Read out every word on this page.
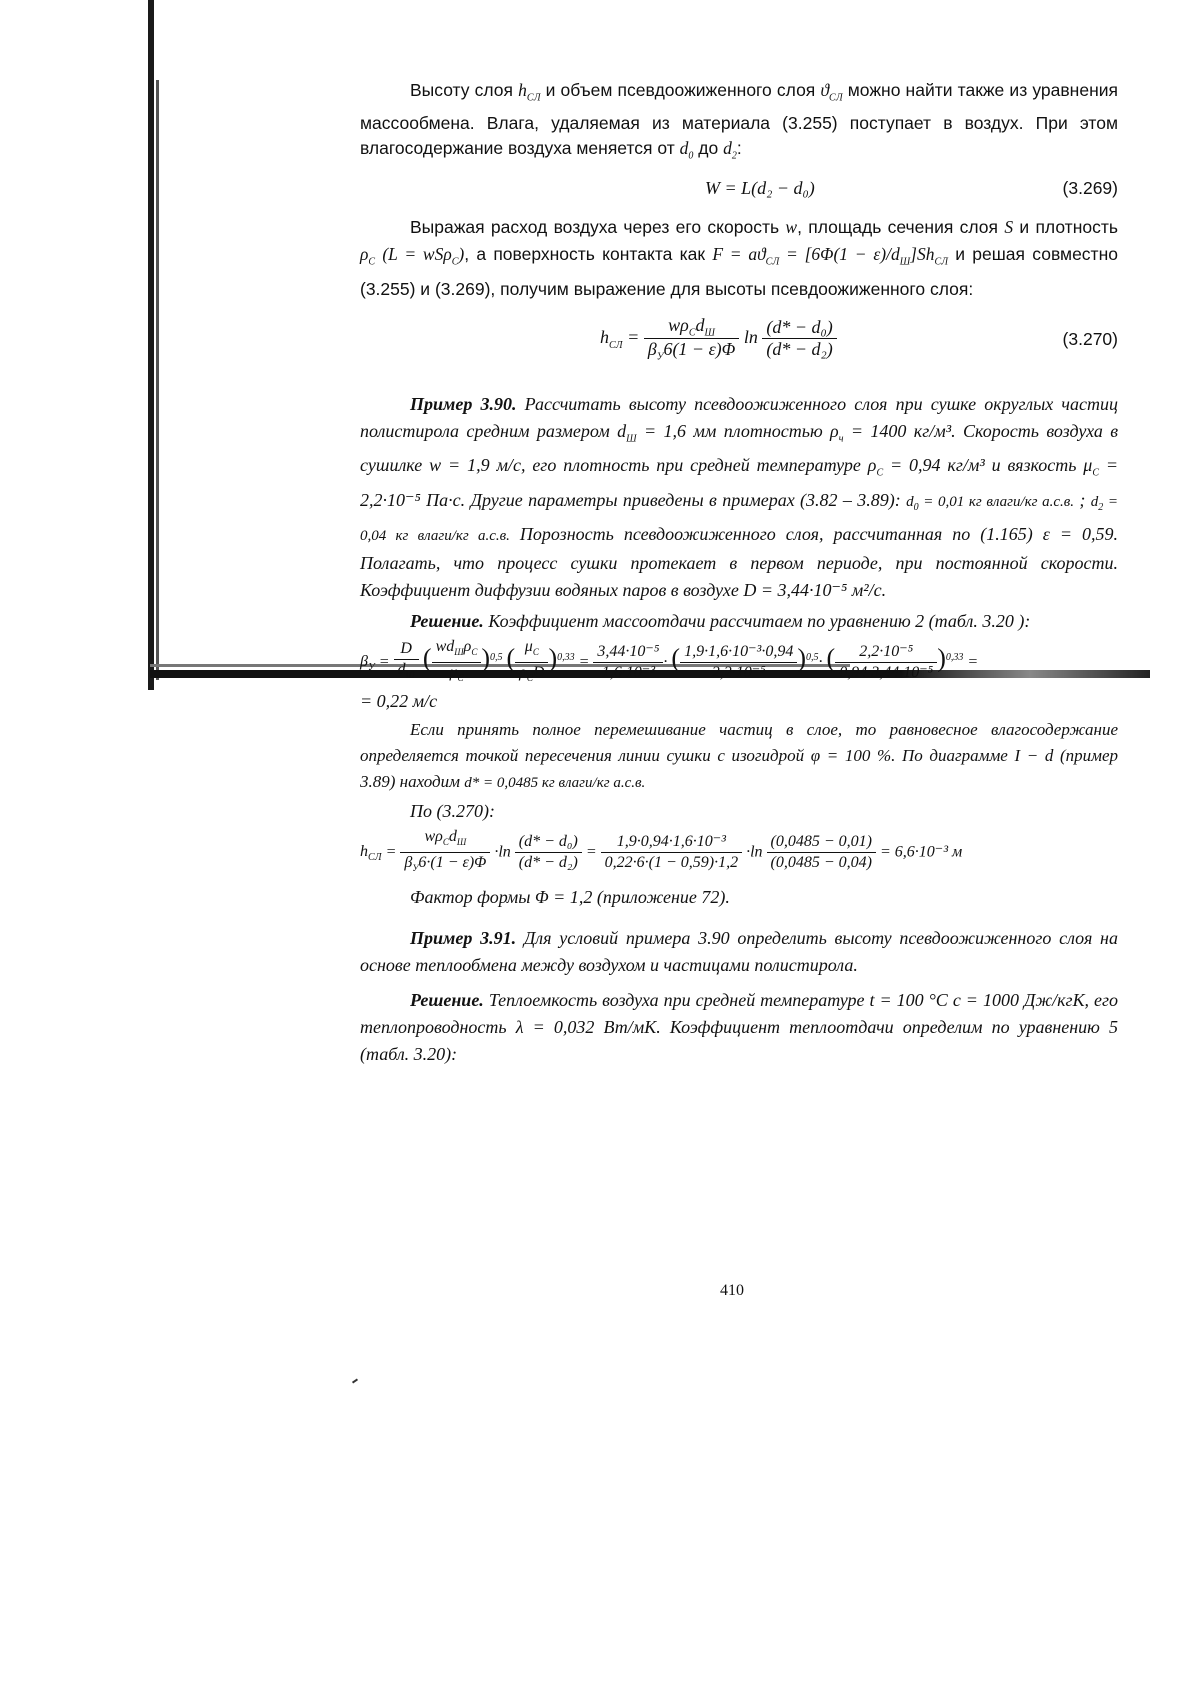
Высоту слоя $h_{СЛ}$ и объем псевдоожиженного слоя $ϑ_{СЛ}$ можно найти также из уравнения массообмена. Влага, удаляемая из материала (3.255) поступает в воздух. При этом влагосодержание воздуха меняется от $d_0$ до $d_2$:

W = L(d₂ − d₀)	(3.269)

Выражая расход воздуха через его скорость w, площадь сечения слоя S и плотность $\rho_C$ (L = wSρ$_C$), а поверхность контакта как $F = aϑ_{СЛ} = [6\Phi(1 - \varepsilon)/d_Ш]Sh_{СЛ}$ и решая совместно (3.255) и (3.269), получим выражение для высоты псевдоожиженного слоя:

$h_{СЛ} = \frac{w\rho_Cd_Ш}{\beta_У6(1 - \varepsilon)\Phi}$ $\ln \frac{\text{(d* − d₀)}}{\text{(d* − d₂)}}$	(3.270)

Пример 3.90. Рассчитать высоту псевдоожиженного слоя при сушке округлых частиц полистирола средним размером $d_Ш = 1,6$ мм плотностью $\rho_ч = 1400$ кг/м³. Скорость воздуха в сушилке w = 1,9 м/с, его плотность при средней температуре $\rho_C = 0,94$ кг/м³ и вязкость $\mu_C = 2,2\cdot 10^{-5}$ Па·с. Другие параметры приведены в примерах (3.82 – 3.89): $d_0 = 0,01$ кг влаги/кг а.с.в. ; $d_2 = 0,04$ кг влаги/кг а.с.в. Порозность псевдоожиженного слоя, рассчитанная по (1.165) ε = 0,59. Полагать, что процесс сушки протекает в первом периоде, при постоянной скорости. Коэффициент диффузии водяных паров в воздухе D = 3,44·10⁻⁵ м²/с.

Решение. Коэффициент массоотдачи рассчитаем по уравнению 2 (табл. 3.20 ):

$\beta_У = \frac{D}{d_Ш}$ ( $\frac{wd_Ш\rho_C}{\mu_C} )^{0,5}$ ( $\frac{\mu_C}{\rho_CD} )^{0,33} = \frac{\text{3,44·10⁻⁵}}{\text{1,6·10⁻³}}$ · ( $\frac{\text{1,9·1,6·10⁻³·0,94}}{\text{2,2·10⁻⁵}} )^{0,5}\cdot$ ( $\frac{\text{2,2·10⁻⁵}}{\text{0,94·3,44·10⁻⁵}} )^{0,33}$ =

= 0,22 м/с

Если принять полное перемешивание частиц в слое, то равновесное влагосодержание определяется точкой пересечения линии сушки с изогидрой φ = 100 %. По диаграмме I − d (пример 3.89) находим d* = 0,0485 кг влаги/кг а.с.в.

По (3.270):

$h_{СЛ} = \frac{w\rho_Cd_Ш}{\beta_У6\cdot(1 - \varepsilon)\Phi} \cdot\ln \frac{\text{(d* − d₀)}}{\text{(d* − d₂)}} = \frac{\text{1,9·0,94·1,6·10⁻³}}{0,22\cdot 6\cdot(1 - 0,59)\cdot 1,2} \cdot\ln \frac{(0,0485 - 0,01)}{(0,0485 - 0,04)} = 6,6\cdot 10^{-3}$ м

Фактор формы Φ = 1,2 (приложение 72).

Пример 3.91. Для условий примера 3.90 определить высоту псевдоожиженного слоя на основе теплообмена между воздухом и частицами полистирола.

Решение. Теплоемкость воздуха при средней температуре t = 100 °C c = 1000 Дж/кгК, его теплопроводность λ = 0,032 Вт/мК. Коэффициент теплоотдачи определим по уравнению 5 (табл. 3.20):

410
